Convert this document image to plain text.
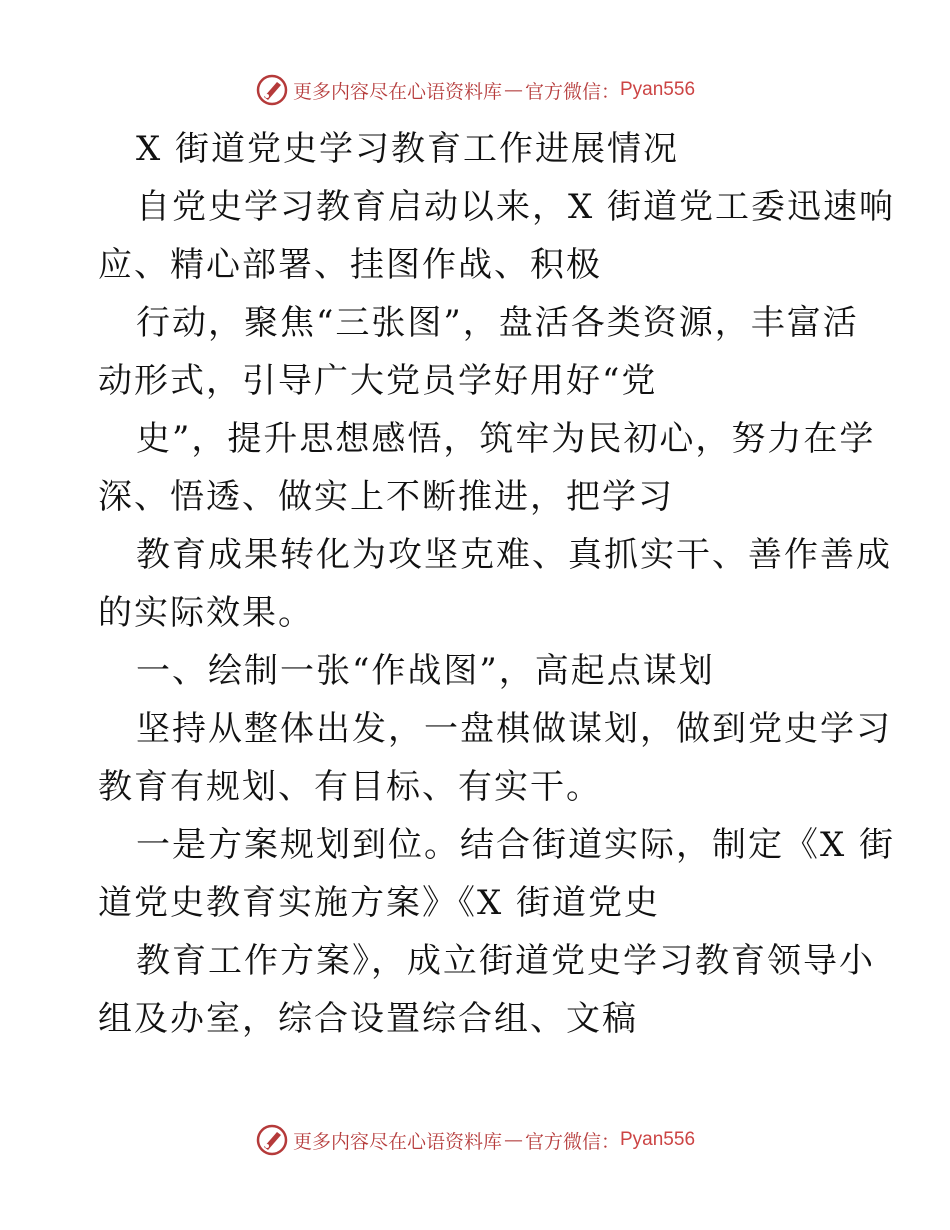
更多内容尽在心语资料库 — 官方微信： Pyan556
X 街道党史学习教育工作进展情况
自党史学习教育启动以来，X 街道党工委迅速响
应、精心部署、挂图作战、积极
行动，聚焦“三张图”，盘活各类资源，丰富活
动形式，引导广大党员学好用好“党
史”，提升思想感悟，筑牢为民初心，努力在学
深、悟透、做实上不断推进，把学习
教育成果转化为攻坚克难、真抓实干、善作善成
的实际效果。
一、绘制一张“作战图”，高起点谋划
坚持从整体出发，一盘棋做谋划，做到党史学习
教育有规划、有目标、有实干。
一是方案规划到位。结合街道实际，制定《X 街
道党史教育实施方案》《X 街道党史
教育工作方案》，成立街道党史学习教育领导小
组及办室，综合设置综合组、文稿
更多内容尽在心语资料库 — 官方微信： Pyan556
